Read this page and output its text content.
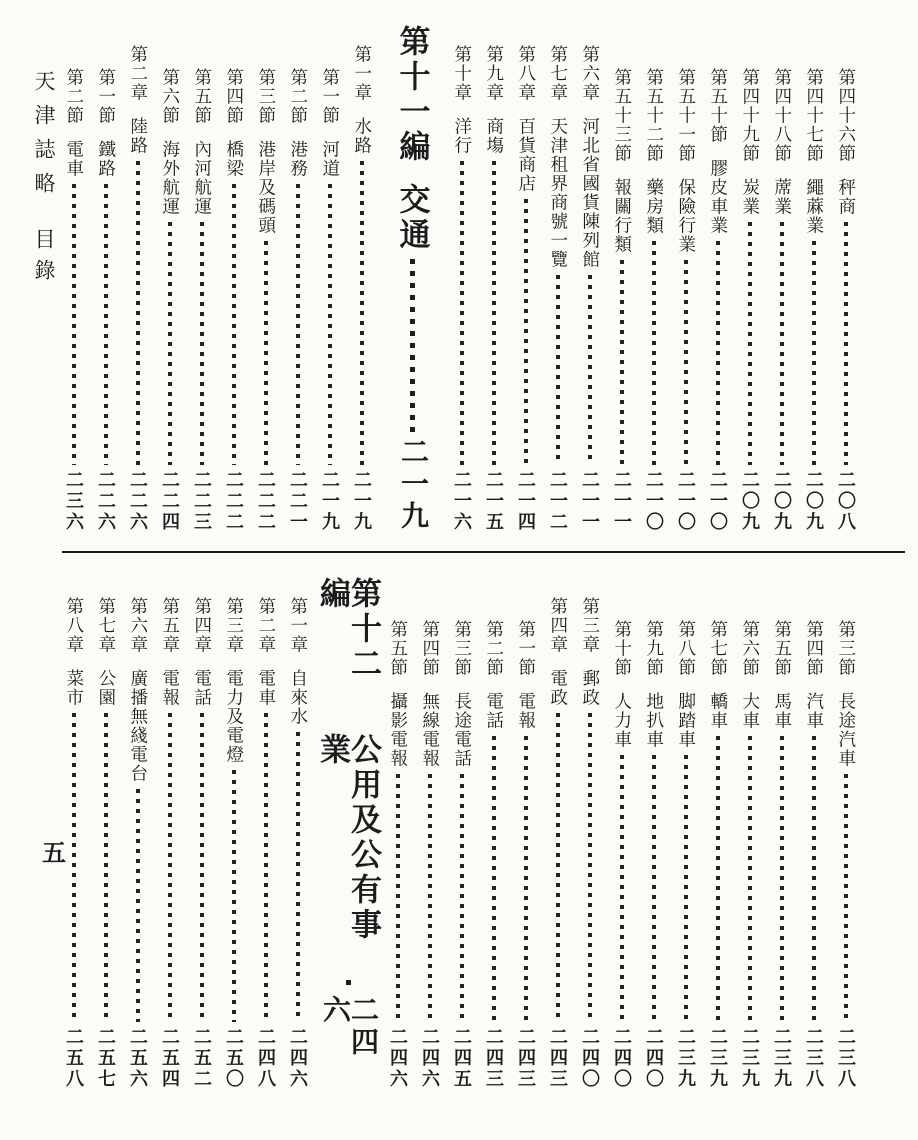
天津誌略
目錄
五
第四十六節
秤商
二〇八
第四十七節
繩蔴業
二〇九
第四十八節
蓆業
二〇九
第四十九節
炭業
二〇九
第五十節
膠皮車業
二一〇
第五十一節
保險行業
二一〇
第五十二節
藥房類
二一〇
第五十三節
報關行類
二一一
第六章
河北省國貨陳列館
二一一
第七章
天津租界商號一覽
二一二
第八章
百貨商店
二一四
第九章
商塲
二一五
第十章
洋行
二一六
第十一編
交通
二一九
第一章
水路
二一九
第一節
河道
二一九
第二節
港務
二二一
第三節
港岸及碼頭
二二二
第四節
橋梁
二二二
第五節
內河航運
二二三
第六節
海外航運
二二四
第二章
陸路
二二六
第一節
鐵路
二二六
第二節
電車
二三六
第三節
長途汽車
二三八
第四節
汽車
二三八
第五節
馬車
二三九
第六節
大車
二三九
第七節
轎車
二三九
第八節
脚踏車
二三九
第九節
地扒車
二四〇
第十節
人力車
二四〇
第三章
郵政
二四〇
第四章
電政
二四三
第一節
電報
二四三
第二節
電話
二四三
第三節
長途電話
二四五
第四節
無線電報
二四六
第五節
攝影電報
二四六
第十二編
公用及公有事業
二四六
第一章
自來水
二四六
第二章
電車
二四八
第三章
電力及電燈
二五〇
第四章
電話
二五二
第五章
電報
二五四
第六章
廣播無綫電台
二五六
第七章
公園
二五七
第八章
菜市
二五八
